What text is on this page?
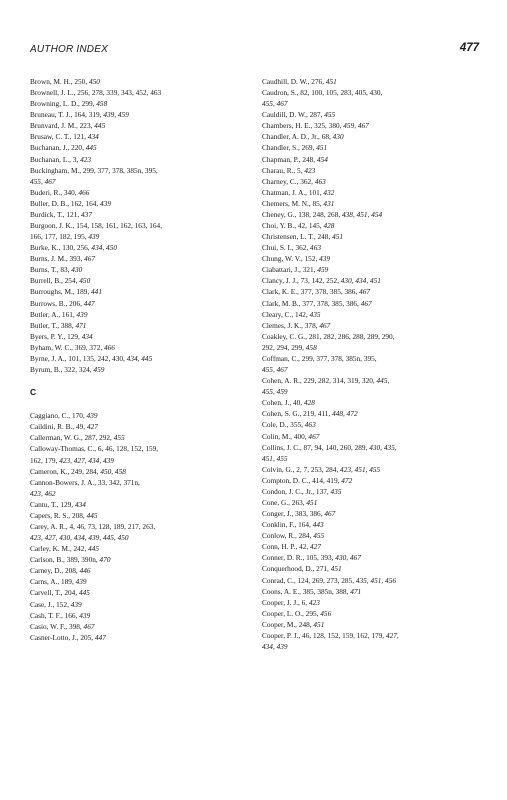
AUTHOR INDEX	477
Brown, M. H., 250, 450
Brownell, J. L., 256, 278, 339, 343, 452, 463
Browning, L. D., 299, 458
Bruneau, T. J., 164, 319, 439, 459
Brunvard, J. M., 223, 445
Brusaw, C. T., 121, 434
Buchanan, J., 220, 445
Buchanan, L., 3, 423
Buckingham, M., 299, 377, 378, 385n, 395,
455, 467
Buderi, R., 340, 466
Buller, D. B., 162, 164, 439
Burdick, T., 121, 437
Burgoon, J. K., 154, 158, 161, 162, 163, 164,
166, 177, 182, 195, 439
Burke, K., 130, 256, 434, 450
Burns, J. M., 393, 467
Burns, T., 83, 430
Burrell, B., 254, 450
Burroughs, M., 189, 441
Burrows, B., 206, 447
Butler, A., 161, 439
Butler, T., 388, 471
Byers, P. Y., 129, 434
Byham, W. C., 369, 372, 466
Byrne, J. A., 101, 135, 242, 430, 434, 445
Byrum, B., 322, 324, 459
C
Caggiano, C., 170, 439
Caildini, R. B., 49, 427
Callerman, W. G., 287, 292, 455
Calloway-Thomas, C., 6, 46, 128, 152, 159,
162, 179, 423, 427, 434, 439
Cameron, K., 249, 284, 450, 458
Cannon-Bowers, J. A., 33, 342, 371n,
423, 462
Cantu, T., 129, 434
Capers, R. S., 208, 445
Carey, A. R., 4, 46, 73, 128, 189, 217, 263,
423, 427, 430, 434, 439, 445, 450
Carley, K. M., 242, 445
Carlson, B., 389, 390n, 470
Carney, D., 208, 446
Carns, A., 189, 439
Carvell, T., 204, 445
Case, J., 152, 439
Cash, T. F., 166, 439
Casio, W. F., 398, 467
Casner-Lotto, J., 205, 447
Caudhill, D. W., 276, 451
Caudron, S., 82, 100, 105, 283, 405, 430,
455, 467
Cauldill, D. W., 287, 455
Chambers, H. E., 325, 380, 459, 467
Chandler, A. D., Jr., 68, 430
Chandler, S., 269, 451
Chapman, P., 248, 454
Charau, R., 5, 423
Charney, C., 362, 463
Chatman, J. A., 101, 432
Chemers, M. N., 85, 431
Cheney, G., 138, 248, 268, 438, 451, 454
Choi, Y. B., 42, 145, 428
Christensen, L. T., 248, 451
Chui, S. I., 362, 463
Chung, W. V., 152, 439
Ciabattari, J., 321, 459
Clancy, J. J., 73, 142, 252, 430, 434, 451
Clark, K. E., 377, 378, 385, 386, 467
Clark, M. B., 377, 378, 385, 386, 467
Cleary, C., 142, 435
Clemes, J. K., 378, 467
Coakley, C. G., 281, 282, 286, 288, 289, 290,
292, 294, 299, 458
Coffman, C., 299, 377, 378, 385n, 395,
455, 467
Cohen, A. R., 229, 282, 314, 319, 320, 445,
455, 459
Cohen, J., 40, 428
Cohen, S. G., 219, 411, 448, 472
Cole, D., 355, 463
Colin, M., 400, 467
Collins, J. C., 87, 94, 140, 260, 289, 430, 435,
451, 455
Colvin, G., 2, 7, 253, 284, 423, 451, 455
Compton, D. C., 414, 419, 472
Condon, J. C., Jr., 137, 435
Cone, G., 263, 451
Conger, J., 383, 386, 467
Conklin, F., 164, 443
Conlow, R., 284, 455
Conn, H. P., 42, 427
Conner, D. R., 105, 393, 430, 467
Conquerhood, D., 271, 451
Conrad, C., 124, 269, 273, 285, 435, 451, 456
Coons, A. E., 385, 385n, 388, 471
Cooper, J. J., 6, 423
Cooper, L. O., 295, 456
Cooper, M., 248, 451
Cooper, P. J., 46, 128, 152, 159, 162, 179, 427,
434, 439
